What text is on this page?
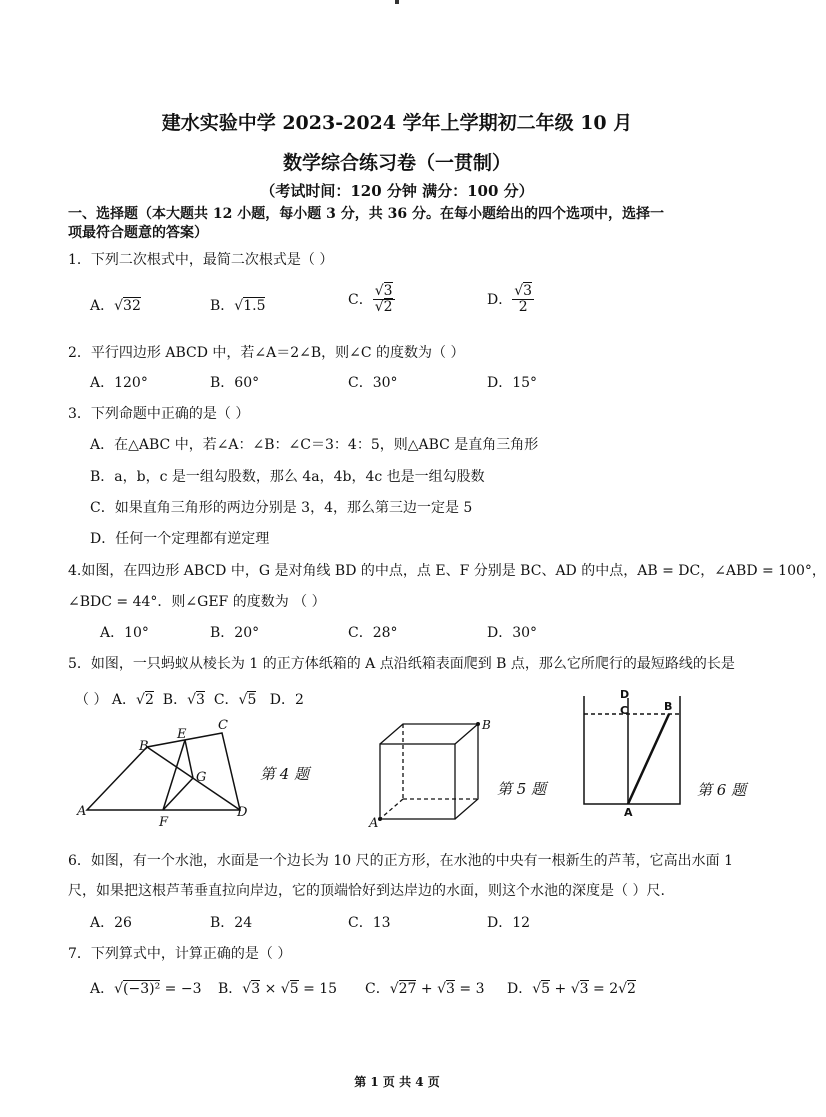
建水实验中学 2023-2024 学年上学期初二年级 10 月
数学综合练习卷（一贯制）
（考试时间：120 分钟 满分：100 分）
一、选择题（本大题共 12 小题，每小题 3 分，共 36 分。在每小题给出的四个选项中，选择一
项最符合题意的答案）
1．下列二次根式中，最简二次根式是（ ）
A．√32	B．√1.5	C． $\frac{√3}{√2}$	D． $\frac{√3}{2}$
2．平行四边形 ABCD 中，若∠A＝2∠B，则∠C 的度数为（ ）
A．120°	B．60°	C．30°	D．15°
3．下列命题中正确的是（ ）
A．在△ABC 中，若∠A：∠B：∠C＝3：4：5，则△ABC 是直角三角形
B．a，b，c 是一组勾股数，那么 4a，4b，4c 也是一组勾股数
C．如果直角三角形的两边分别是 3，4，那么第三边一定是 5
D．任何一个定理都有逆定理
4.如图，在四边形 ABCD 中，G 是对角线 BD 的中点，点 E、F 分别是 BC、AD 的中点，AB = DC，∠ABD = 100°，
∠BDC = 44°．则∠GEF 的度数为 （ ）
A．10°	B．20°	C．28°	D．30°
5．如图，一只蚂蚁从棱长为 1 的正方体纸箱的 A 点沿纸箱表面爬到 B 点，那么它所爬行的最短路线的长是
（ ） A．√2 B．√3 C．√5 D．2
A
B
C
D
E
F
G	第 4 题
A
B
第 5 题
D
C	B
A
第 6 题
6．如图，有一个水池，水面是一个边长为 10 尺的正方形，在水池的中央有一根新生的芦苇，它高出水面 1
尺，如果把这根芦苇垂直拉向岸边，它的顶端恰好到达岸边的水面，则这个水池的深度是（ ）尺.
A．26	B．24	C．13	D．12
7．下列算式中，计算正确的是（ ）
A．√(−3)² = −3 B．√3 × √5 = 15 C．√27 + √3 = 3 D．√5 + √3 = 2√2
第 1 页 共 4 页
